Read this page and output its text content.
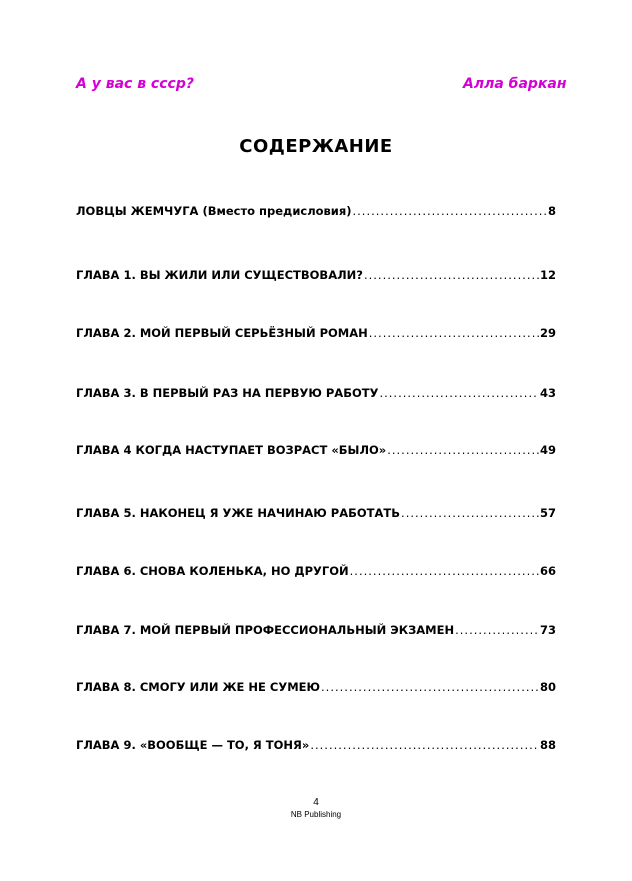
А у вас в ссср?	Алла баркан
СОДЕРЖАНИЕ
ЛОВЦЫ ЖЕМЧУГА (Вместо предисловия) .....	8
ГЛАВА 1. ВЫ ЖИЛИ ИЛИ СУЩЕСТВОВАЛИ? .....	12
ГЛАВА 2. МОЙ ПЕРВЫЙ СЕРЬЁЗНЫЙ РОМАН .....	29
ГЛАВА 3. В ПЕРВЫЙ РАЗ НА ПЕРВУЮ РАБОТУ .....	43
ГЛАВА 4 КОГДА НАСТУПАЕТ ВОЗРАСТ «БЫЛО» .....	49
ГЛАВА 5. НАКОНЕЦ Я УЖЕ НАЧИНАЮ РАБОТАТЬ .....	57
ГЛАВА 6. СНОВА КОЛЕНЬКА, НО ДРУГОЙ .....	66
ГЛАВА 7. МОЙ ПЕРВЫЙ ПРОФЕССИОНАЛЬНЫЙ ЭКЗАМЕН .....	73
ГЛАВА 8. СМОГУ ИЛИ ЖЕ НЕ СУМЕЮ .....	80
ГЛАВА 9. «ВООБЩЕ — ТО, Я ТОНЯ» .....	88
4
NB Publishing
